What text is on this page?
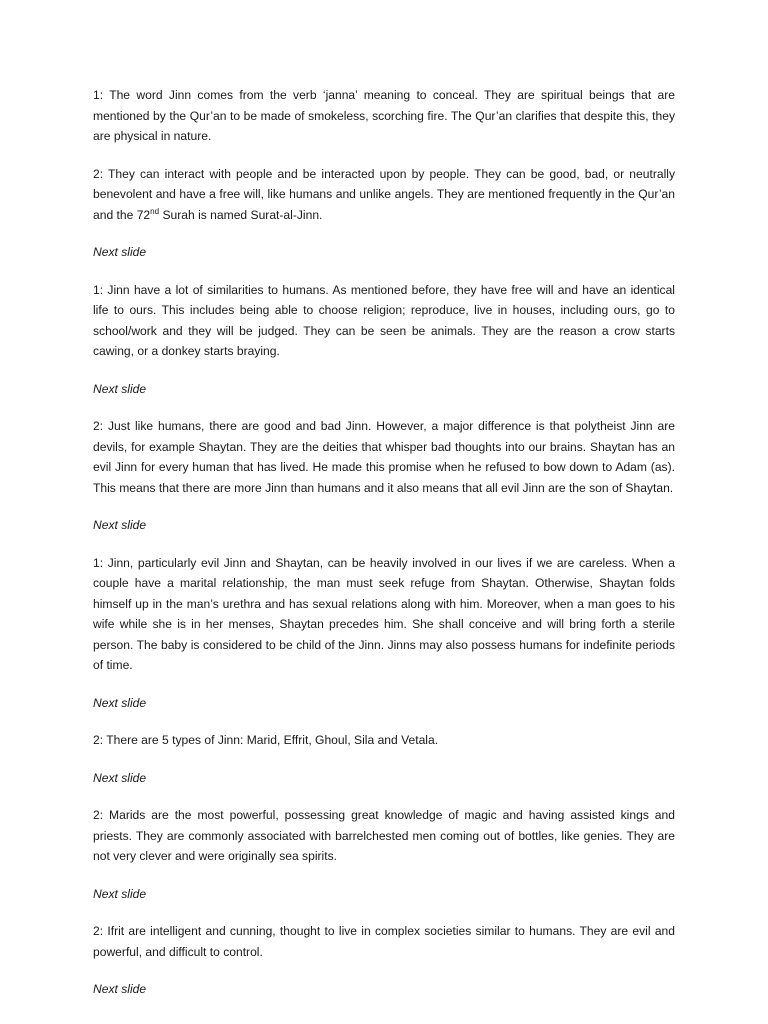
1: The word Jinn comes from the verb ‘janna’ meaning to conceal. They are spiritual beings that are mentioned by the Qur’an to be made of smokeless, scorching fire. The Qur’an clarifies that despite this, they are physical in nature.

2: They can interact with people and be interacted upon by people. They can be good, bad, or neutrally benevolent and have a free will, like humans and unlike angels. They are mentioned frequently in the Qur’an and the 72nd Surah is named Surat-al-Jinn.

Next slide

1: Jinn have a lot of similarities to humans. As mentioned before, they have free will and have an identical life to ours. This includes being able to choose religion; reproduce, live in houses, including ours, go to school/work and they will be judged. They can be seen be animals. They are the reason a crow starts cawing, or a donkey starts braying.

Next slide

2: Just like humans, there are good and bad Jinn. However, a major difference is that polytheist Jinn are devils, for example Shaytan. They are the deities that whisper bad thoughts into our brains. Shaytan has an evil Jinn for every human that has lived. He made this promise when he refused to bow down to Adam (as). This means that there are more Jinn than humans and it also means that all evil Jinn are the son of Shaytan.

Next slide

1: Jinn, particularly evil Jinn and Shaytan, can be heavily involved in our lives if we are careless. When a couple have a marital relationship, the man must seek refuge from Shaytan. Otherwise, Shaytan folds himself up in the man’s urethra and has sexual relations along with him. Moreover, when a man goes to his wife while she is in her menses, Shaytan precedes him. She shall conceive and will bring forth a sterile person. The baby is considered to be child of the Jinn. Jinns may also possess humans for indefinite periods of time.

Next slide

2: There are 5 types of Jinn: Marid, Effrit, Ghoul, Sila and Vetala.

Next slide

2: Marids are the most powerful, possessing great knowledge of magic and having assisted kings and priests. They are commonly associated with barrelchested men coming out of bottles, like genies. They are not very clever and were originally sea spirits.

Next slide

2: Ifrit are intelligent and cunning, thought to live in complex societies similar to humans. They are evil and powerful, and difficult to control.

Next slide
